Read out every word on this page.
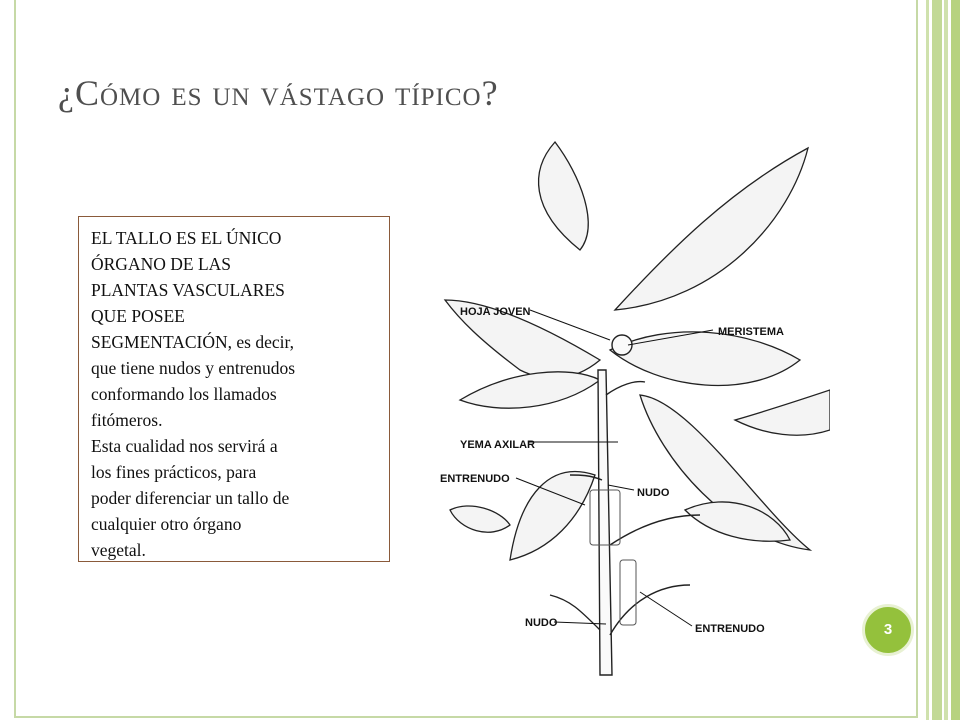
¿Cómo es un vástago típico?
EL TALLO ES EL ÚNICO
ÓRGANO DE LAS
PLANTAS VASCULARES
QUE POSEE
SEGMENTACIÓN, es decir,
que tiene nudos y entrenudos
conformando los llamados
fitómeros.
Esta cualidad nos servirá a
los fines prácticos, para
poder diferenciar un tallo de
cualquier otro órgano
vegetal.
HOJA JOVEN
MERISTEMA
YEMA AXILAR
ENTRENUDO
NUDO
NUDO	ENTRENUDO	3
